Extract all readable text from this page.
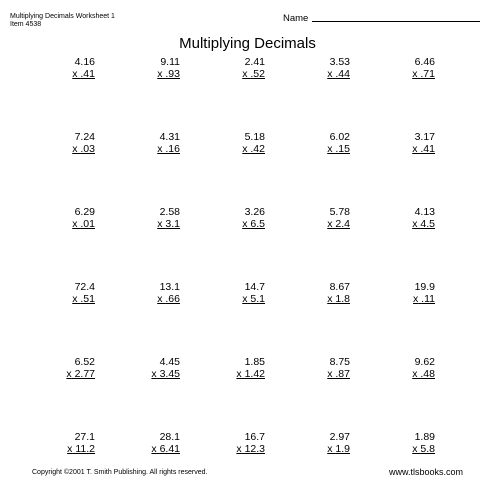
Multiplying Decimals Worksheet 1
Item 4538
Name
Multiplying Decimals
4.16
x .41
9.11
x .93
2.41
x .52
3.53
x .44
6.46
x .71
7.24
x .03
4.31
x .16
5.18
x .42
6.02
x .15
3.17
x .41
6.29
x .01
2.58
x 3.1
3.26
x 6.5
5.78
x 2.4
4.13
x 4.5
72.4
x .51
13.1
x .66
14.7
x 5.1
8.67
x 1.8
19.9
x .11
6.52
x 2.77
4.45
x 3.45
1.85
x 1.42
8.75
x .87
9.62
x .48
27.1
x 11.2
28.1
x 6.41
16.7
x 12.3
2.97
x 1.9
1.89
x 5.8
Copyright ©2001 T. Smith Publishing. All rights reserved.	www.tlsbooks.com
